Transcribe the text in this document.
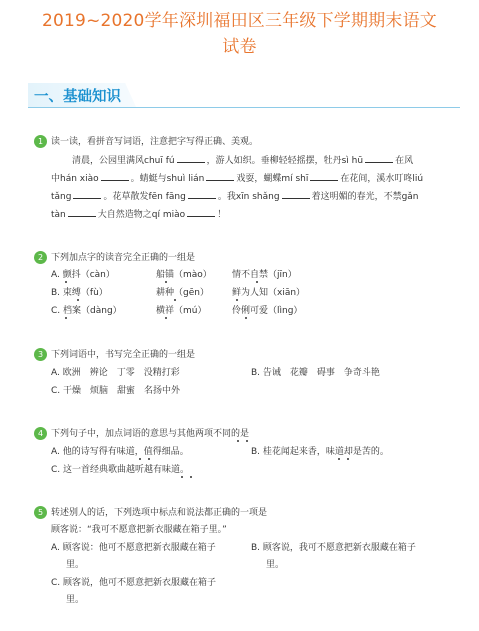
2019~2020学年深圳福田区三年级下学期期末语文
试卷
一、基础知识
1 读一读，看拼音写词语，注意把字写得正确、美观。
清晨，公园里满风chuī fú	，游人如织。垂柳轻轻摇摆，牡丹sì hū	在风
中hán xiào	。蜻蜓与shuì lián	戏耍，蝴蝶mí shī	在花间，溪水叮咚liú
tǎng	。花草散发fēn fāng	。我xīn shǎng	着这明媚的春光，不禁gǎn
tàn	大自然造物之qí miào	！
2 下列加点字的读音完全正确的一组是
A. 颤抖（càn）	船锚（mào） 情不自禁（jīn）
B. 束缚（fù）	耕种（gēn）	鲜为人知（xiān）
C. 档案（dàng）	横祥（mú）	伶俐可爱（lìng）
3 下列词语中，书写完全正确的一组是
A. 欧洲　辨论　丁零　没精打彩	B. 告诫　花瓣　碍事　争奇斗艳
C. 干燥　烦脑　甜蜜　名扬中外
4 下列句子中，加点词语的意思与其他两项不同的是
A. 他的诗写得有味道，值得细品。	B. 桂花闻起来香，味道却是苦的。
C. 这一首经典歌曲越听越有味道。
5 转述别人的话，下列选项中标点和说法都正确的一项是
顾客说：“我可不愿意把新衣服藏在箱子里。”
A. 顾客说：他可不愿意把新衣服藏在箱子
里。
B. 顾客说，我可不愿意把新衣服藏在箱子
里。
C. 顾客说，他可不愿意把新衣服藏在箱子
里。
